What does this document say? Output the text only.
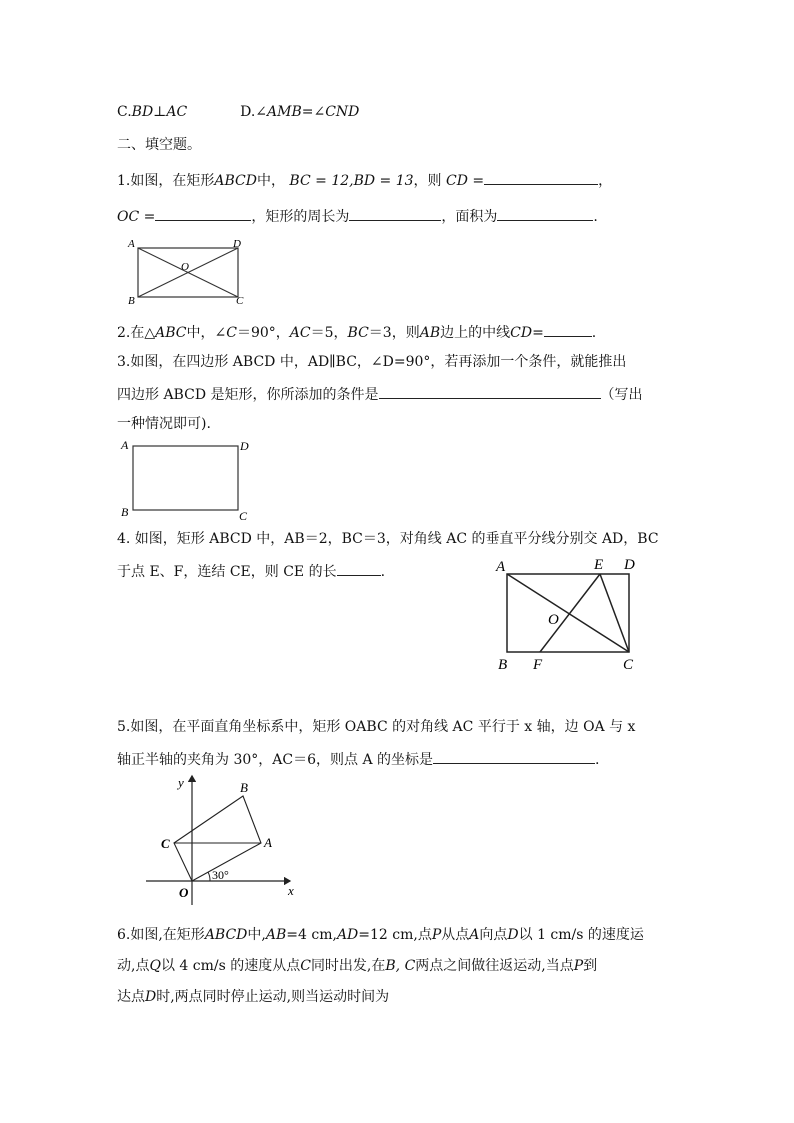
C.BD⊥AC	D.∠AMB=∠CND
二、填空题。
1.如图，在矩形ABCD中， BC = 12,BD = 13，则 CD =	，
OC =	，矩形的周长为	，面积为	.
A	D
B	C
O
2.在△ABC中，∠C＝90°，AC＝5，BC＝3，则AB边上的中线CD=	.
3.如图，在四边形 ABCD 中，AD∥BC，∠D=90°，若再添加一个条件，就能推出
四边形 ABCD 是矩形，你所添加的条件是	（写出
一种情况即可).
A	D
B	C
4. 如图，矩形 ABCD 中，AB＝2，BC＝3，对角线 AC 的垂直平分线分别交 AD，BC
于点 E、F，连结 CE，则 CE 的长	.	A	E D
O
B F	C
5.如图，在平面直角坐标系中，矩形 OABC 的对角线 AC 平行于 x 轴，边 OA 与 x
轴正半轴的夹角为 30°，AC＝6，则点 A 的坐标是	.
30°
O
A
B
C
x
y
6.如图,在矩形ABCD中,AB=4 cm,AD=12 cm,点P从点A向点D以 1 cm/s 的速度运
动,点Q以 4 cm/s 的速度从点C同时出发,在B, C两点之间做往返运动,当点P到
达点D时,两点同时停止运动,则当运动时间为
